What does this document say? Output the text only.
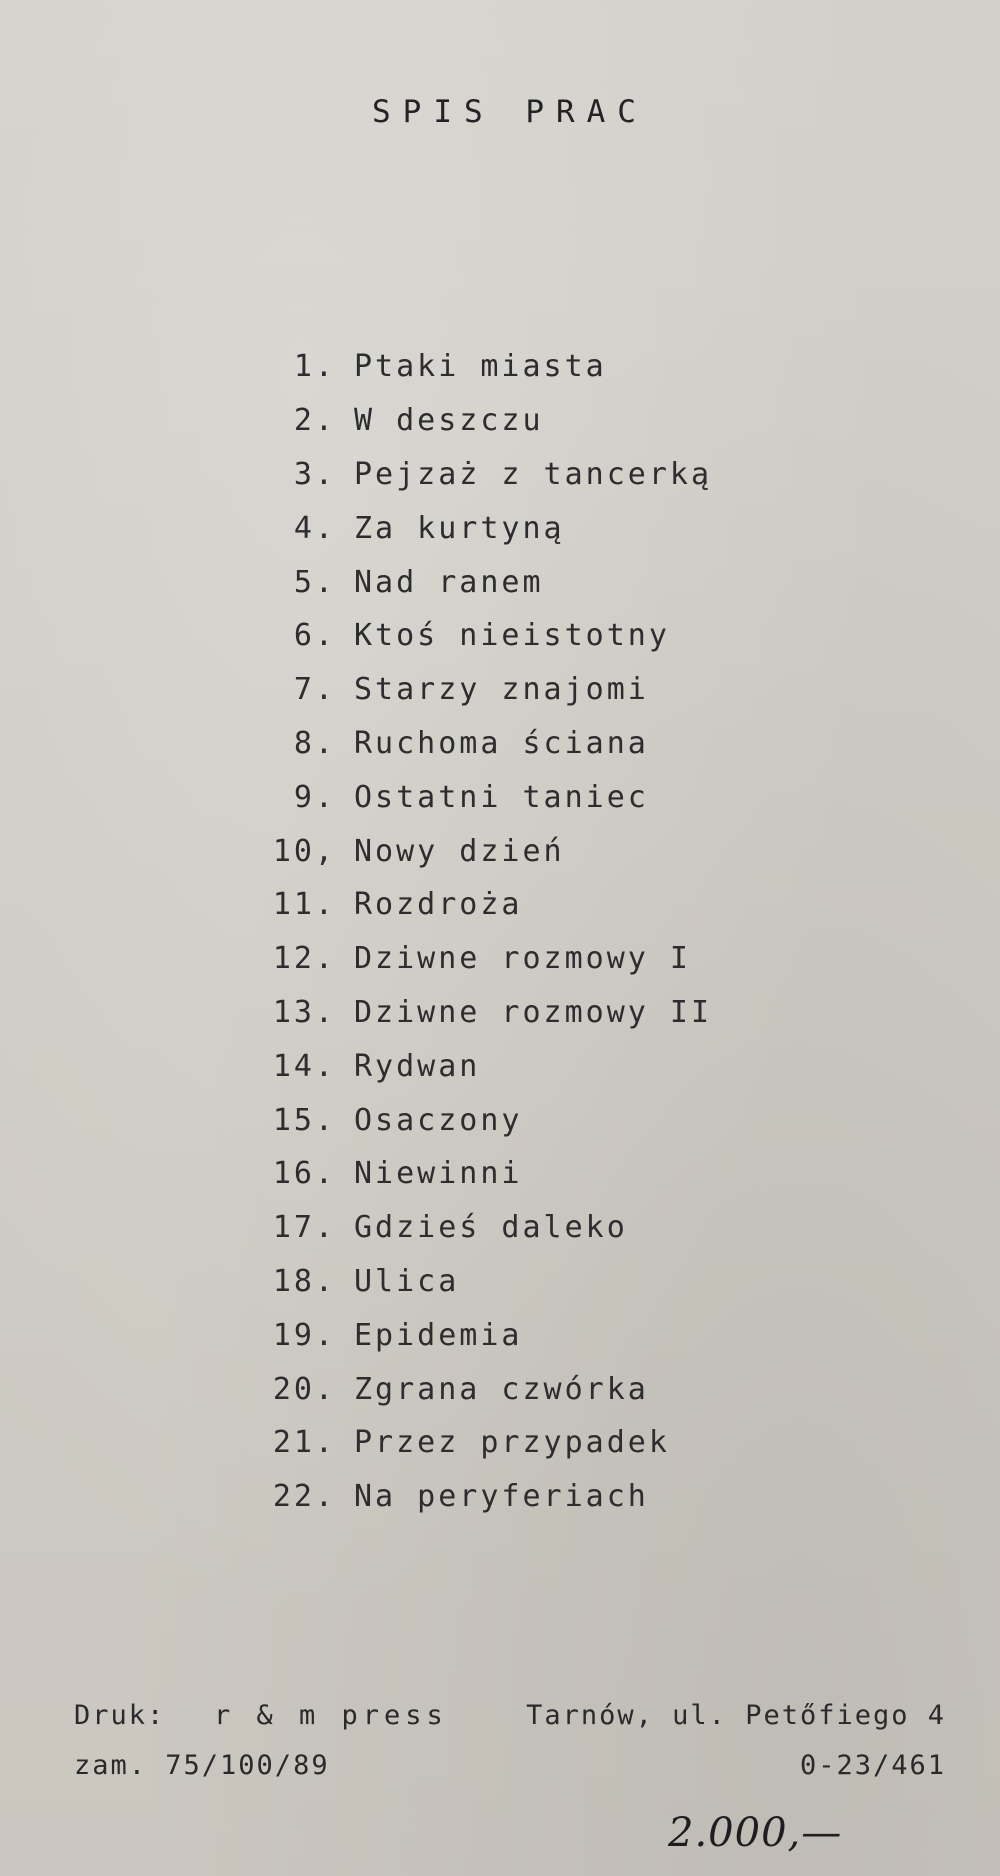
SPIS PRAC
1. Ptaki miasta
2. W deszczu
3. Pejzaż z tancerką
4. Za kurtyną
5. Nad ranem
6. Ktoś nieistotny
7. Starzy znajomi
8. Ruchoma ściana
9. Ostatni taniec
10, Nowy dzień
11. Rozdroża
12. Dziwne rozmowy I
13. Dziwne rozmowy II
14. Rydwan
15. Osaczony
16. Niewinni
17. Gdzieś daleko
18. Ulica
19. Epidemia
20. Zgrana czwórka
21. Przez przypadek
22. Na peryferiach
Druk: r & m press	Tarnów, ul. Petőfiego 4
zam. 75/100/89	0-23/461
2.000,—
